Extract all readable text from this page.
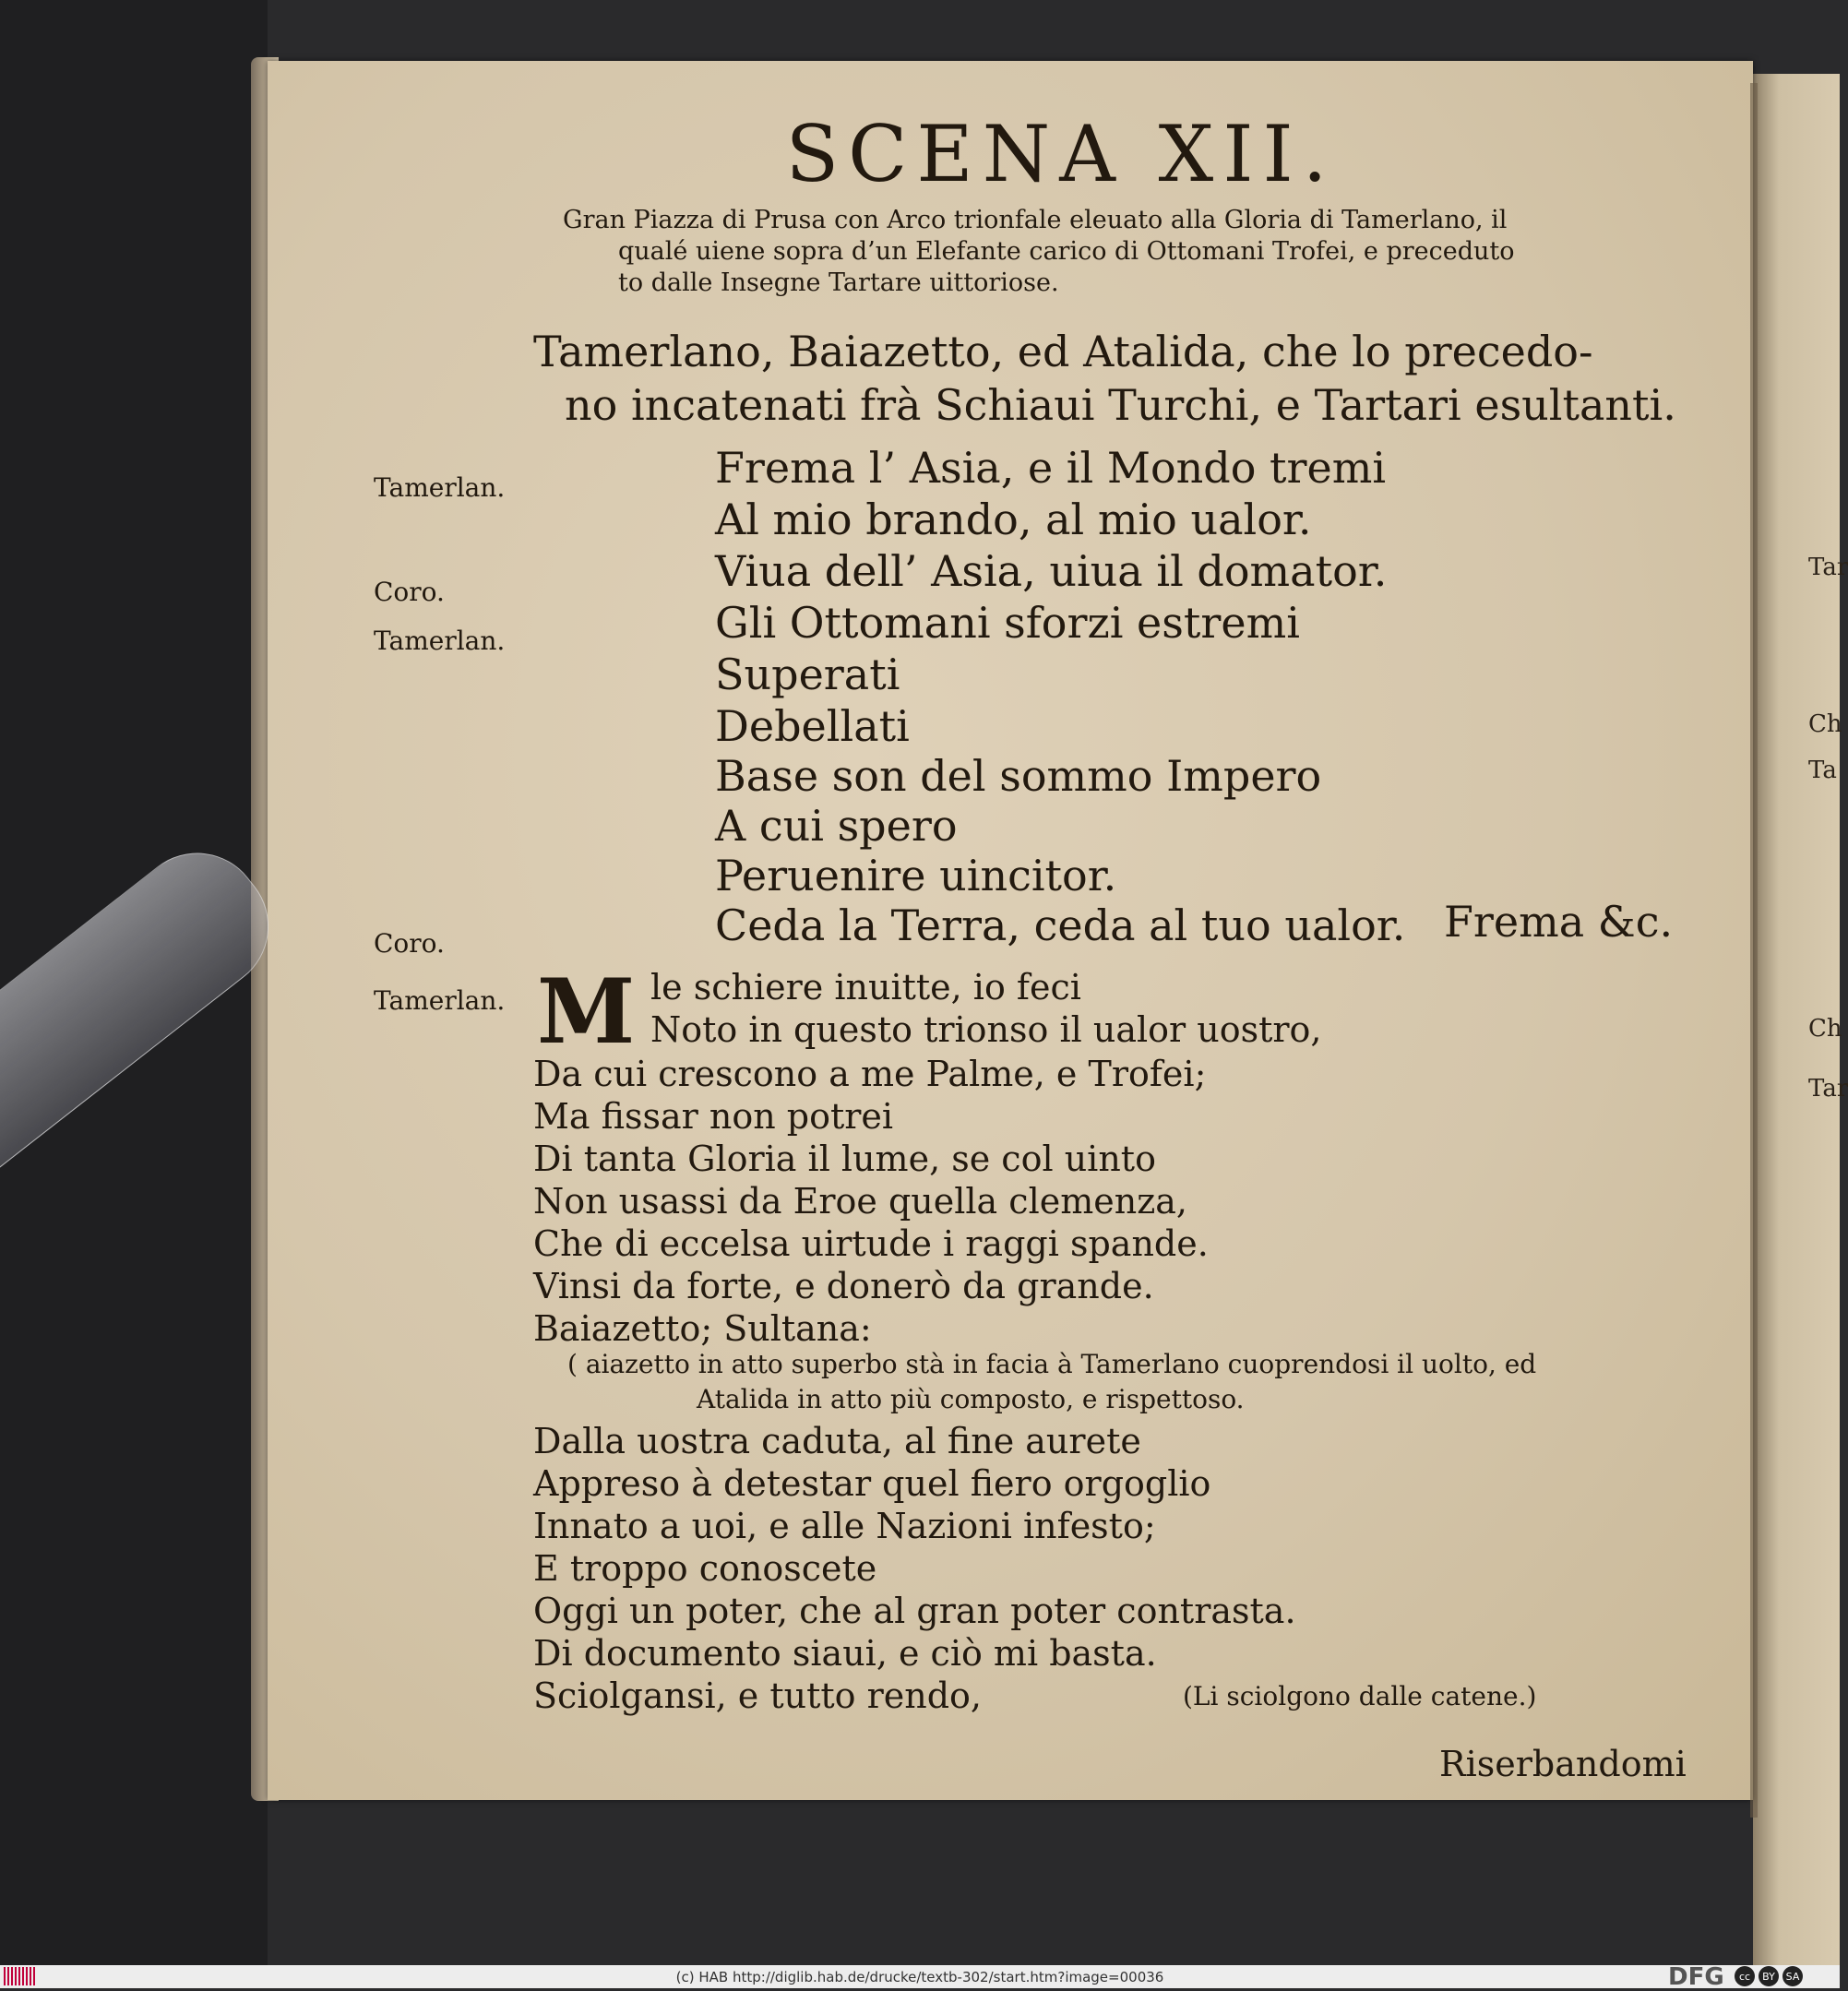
Tar
Ch
Ta
Ch
Tar
SCENA XII.
Gran Piazza di Prusa con Arco trionfale eleuato alla Gloria di Tamerlano, il
qualé uiene sopra d’un Elefante carico di Ottomani Trofei, e preceduto
to dalle Insegne Tartare uittoriose.
Tamerlano, Baiazetto, ed Atalida, che lo precedo-
no incatenati frà Schiaui Turchi, e Tartari esultanti.
Tamerlan.
Coro.
Tamerlan.
Coro.
Frema l’ Asia, e il Mondo tremi
Al mio brando, al mio ualor.
Viua dell’ Asia, uiua il domator.
Gli Ottomani sforzi estremi
Superati
Debellati
Base son del sommo Impero
A cui spero
Peruenire uincitor.
Ceda la Terra, ceda al tuo ualor. Frema &c.
Tamerlan. M le schiere inuitte, io feci
Noto in questo trionso il ualor uostro,
Da cui crescono a me Palme, e Trofei;
Ma fissar non potrei
Di tanta Gloria il lume, se col uinto
Non usassi da Eroe quella clemenza,
Che di eccelsa uirtude i raggi spande.
Vinsi da forte, e donerò da grande.
Baiazetto; Sultana:
( aiazetto in atto superbo stà in facia à Tamerlano cuoprendosi il uolto, ed
Atalida in atto più composto, e rispettoso.
Dalla uostra caduta, al fine aurete
Appreso à detestar quel fiero orgoglio
Innato a uoi, e alle Nazioni infesto;
E troppo conoscete
Oggi un poter, che al gran poter contrasta.
Di documento siaui, e ciò mi basta.
Sciolgansi, e tutto rendo,	(Li sciolgono dalle catene.)
Riserbandomi
(c) HAB http://diglib.hab.de/drucke/textb-302/start.htm?image=00036	DFG	cc	BY	SA
